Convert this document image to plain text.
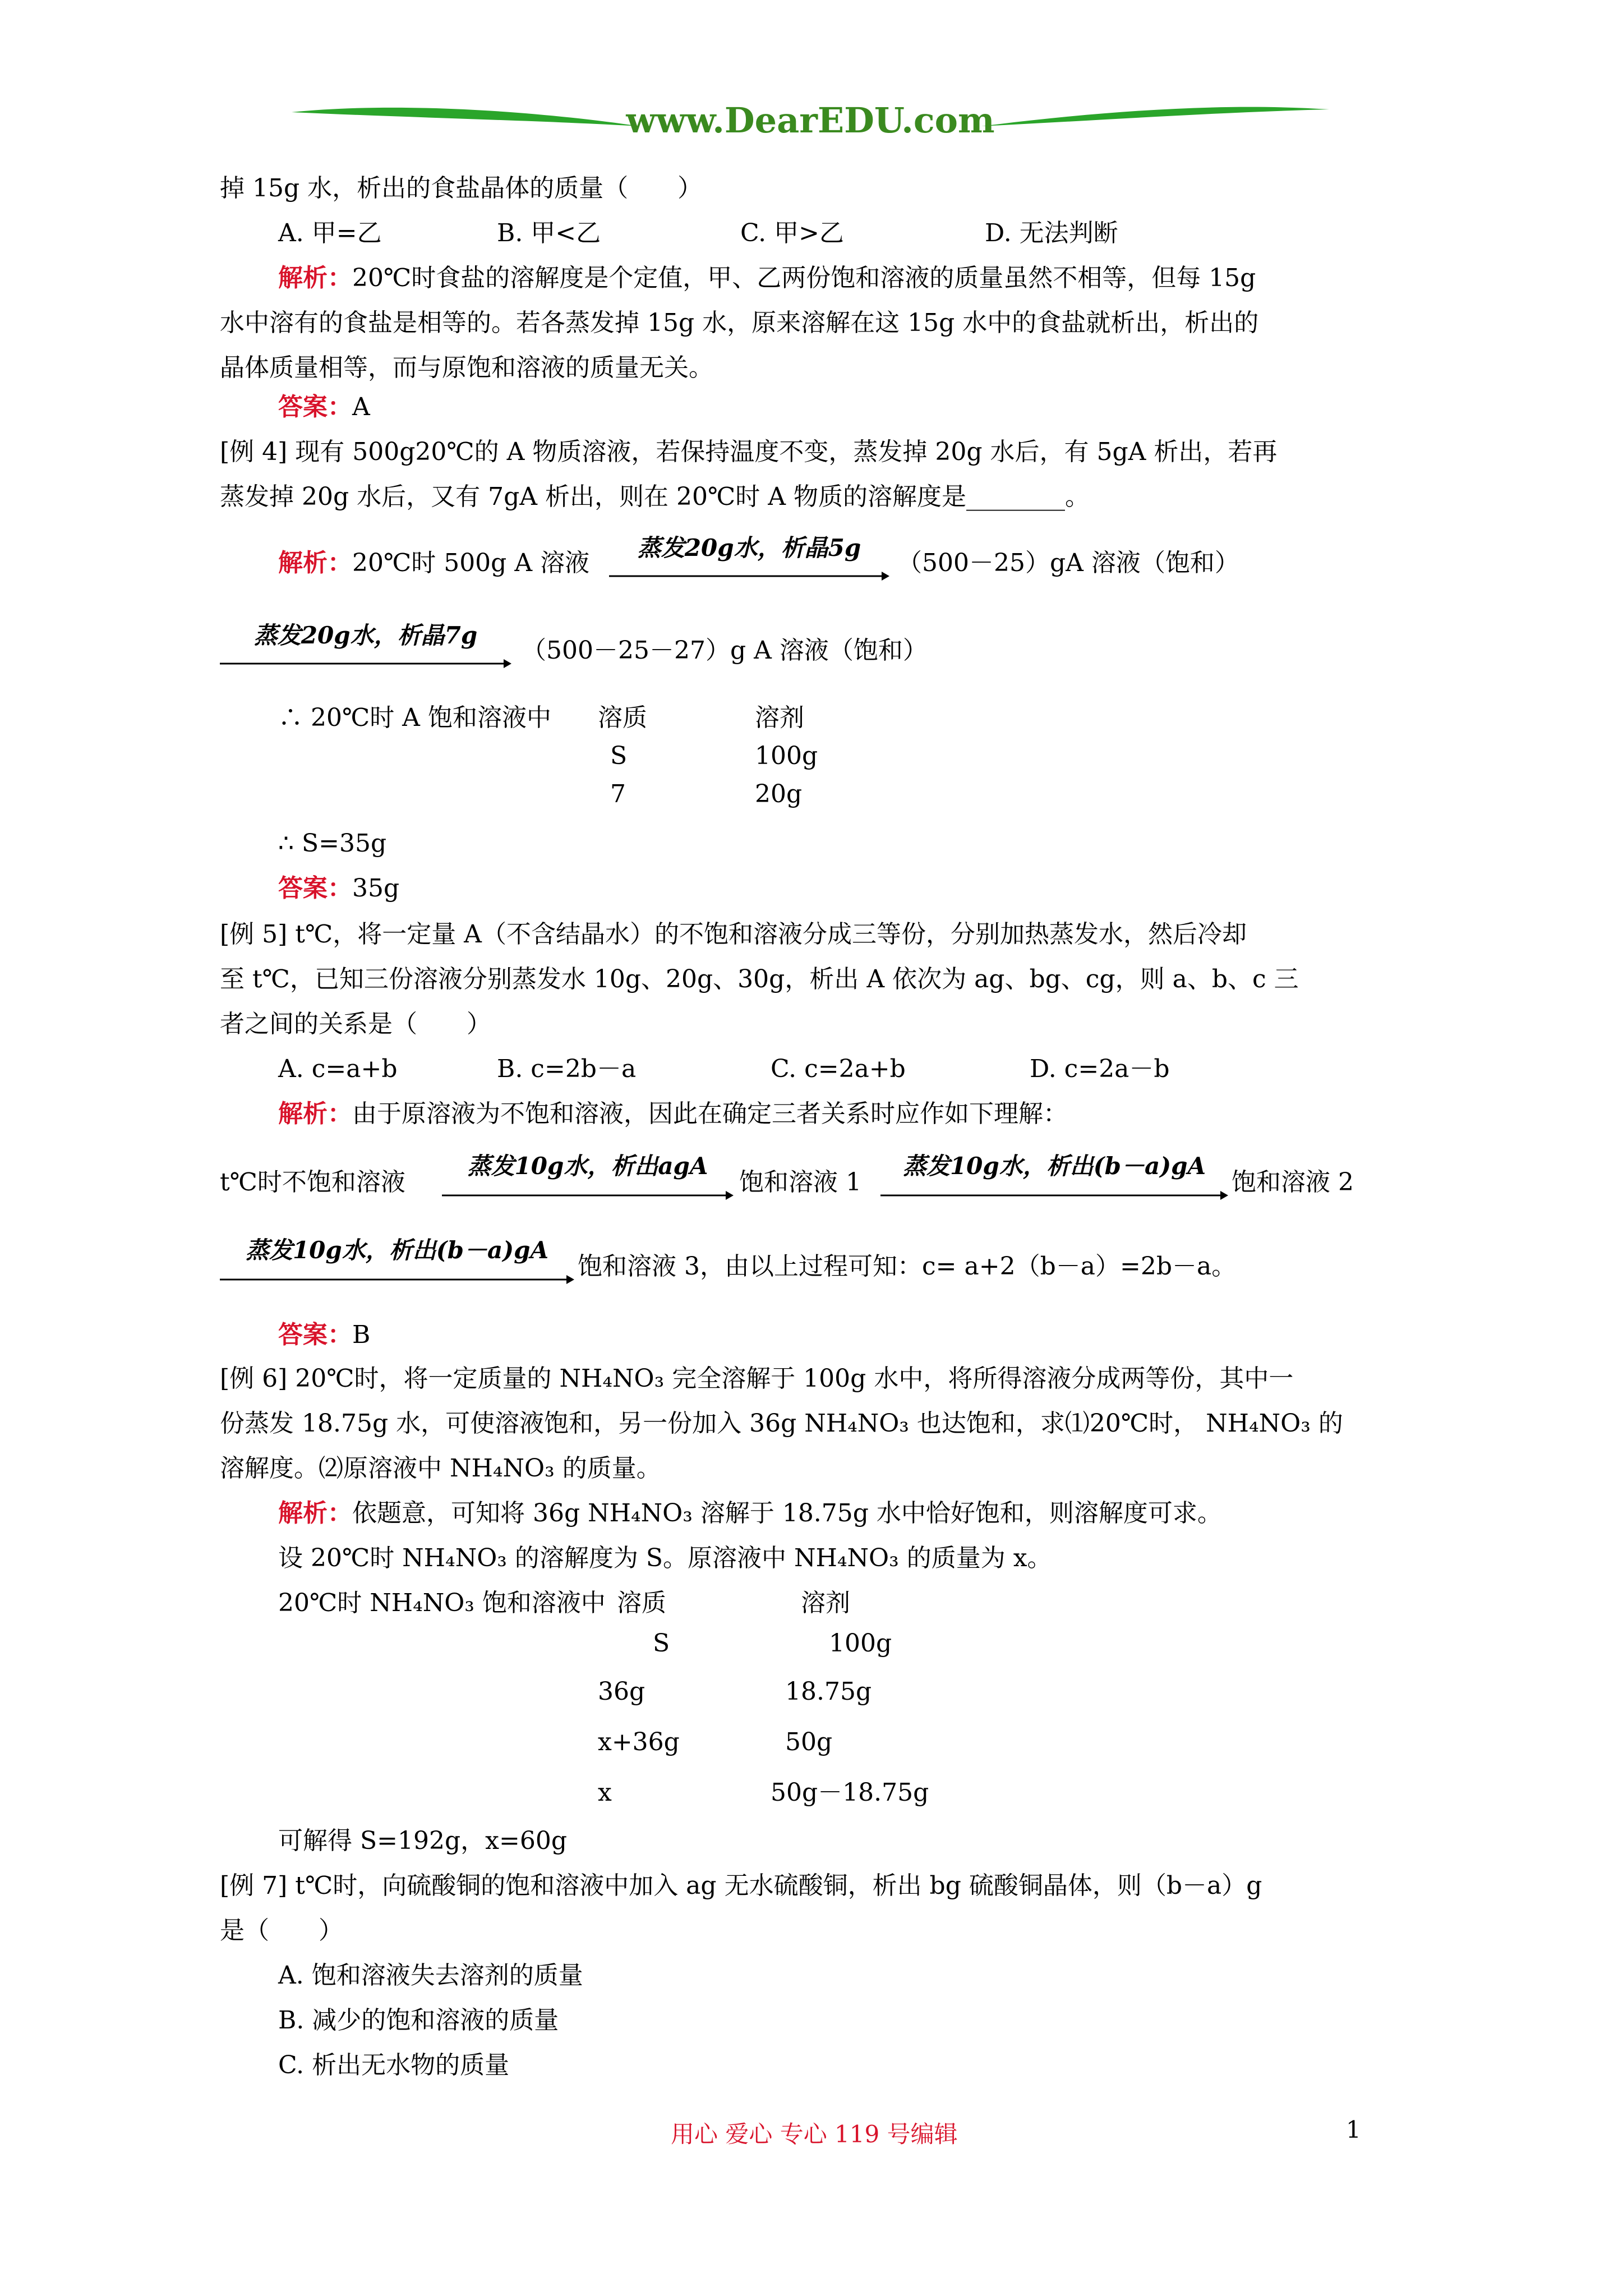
www.DearEDU.com
掉 15g 水，析出的食盐晶体的质量（　　）
A. 甲=乙	B. 甲<乙	C. 甲>乙	D. 无法判断
解析：20℃时食盐的溶解度是个定值，甲、乙两份饱和溶液的质量虽然不相等，但每 15g
水中溶有的食盐是相等的。若各蒸发掉 15g 水，原来溶解在这 15g 水中的食盐就析出，析出的
晶体质量相等，而与原饱和溶液的质量无关。
答案：A
[例 4] 现有 500g20℃的 A 物质溶液，若保持温度不变，蒸发掉 20g 水后，有 5gA 析出，若再
蒸发掉 20g 水后，又有 7gA 析出，则在 20℃时 A 物质的溶解度是________。
解析：20℃时 500g A 溶液
蒸发20g水，析晶5g
（500－25）gA 溶液（饱和）
蒸发20g水，析晶7g
（500－25－27）g A 溶液（饱和）
∴ 20℃时 A 饱和溶液中 溶质	溶剂
S	100g
7	20g
∴ S=35g
答案：35g
[例 5] t℃，将一定量 A（不含结晶水）的不饱和溶液分成三等份，分别加热蒸发水，然后冷却
至 t℃，已知三份溶液分别蒸发水 10g、20g、30g，析出 A 依次为 ag、bg、cg，则 a、b、c 三
者之间的关系是（　　）
A. c=a+b	B. c=2b－a	C. c=2a+b	D. c=2a－b
解析：由于原溶液为不饱和溶液，因此在确定三者关系时应作如下理解：
t℃时不饱和溶液
蒸发10g水，析出agA
饱和溶液 1
蒸发10g水，析出(b－a)gA
饱和溶液 2
蒸发10g水，析出(b－a)gA
饱和溶液 3，由以上过程可知：c= a+2（b－a）=2b－a。
答案：B
[例 6] 20℃时，将一定质量的 NH₄NO₃ 完全溶解于 100g 水中，将所得溶液分成两等份，其中一
份蒸发 18.75g 水，可使溶液饱和，另一份加入 36g NH₄NO₃ 也达饱和，求⑴20℃时， NH₄NO₃ 的
溶解度。⑵原溶液中 NH₄NO₃ 的质量。
解析：依题意，可知将 36g NH₄NO₃ 溶解于 18.75g 水中恰好饱和，则溶解度可求。
设 20℃时 NH₄NO₃ 的溶解度为 S。原溶液中 NH₄NO₃ 的质量为 x。
20℃时 NH₄NO₃ 饱和溶液中 溶质	溶剂
S	100g
36g	18.75g
x+36g	50g
x	50g－18.75g
可解得 S=192g，x=60g
[例 7] t℃时，向硫酸铜的饱和溶液中加入 ag 无水硫酸铜，析出 bg 硫酸铜晶体，则（b－a）g
是（　　）
A. 饱和溶液失去溶剂的质量
B. 减少的饱和溶液的质量
C. 析出无水物的质量
用心 爱心 专心 119 号编辑	1
